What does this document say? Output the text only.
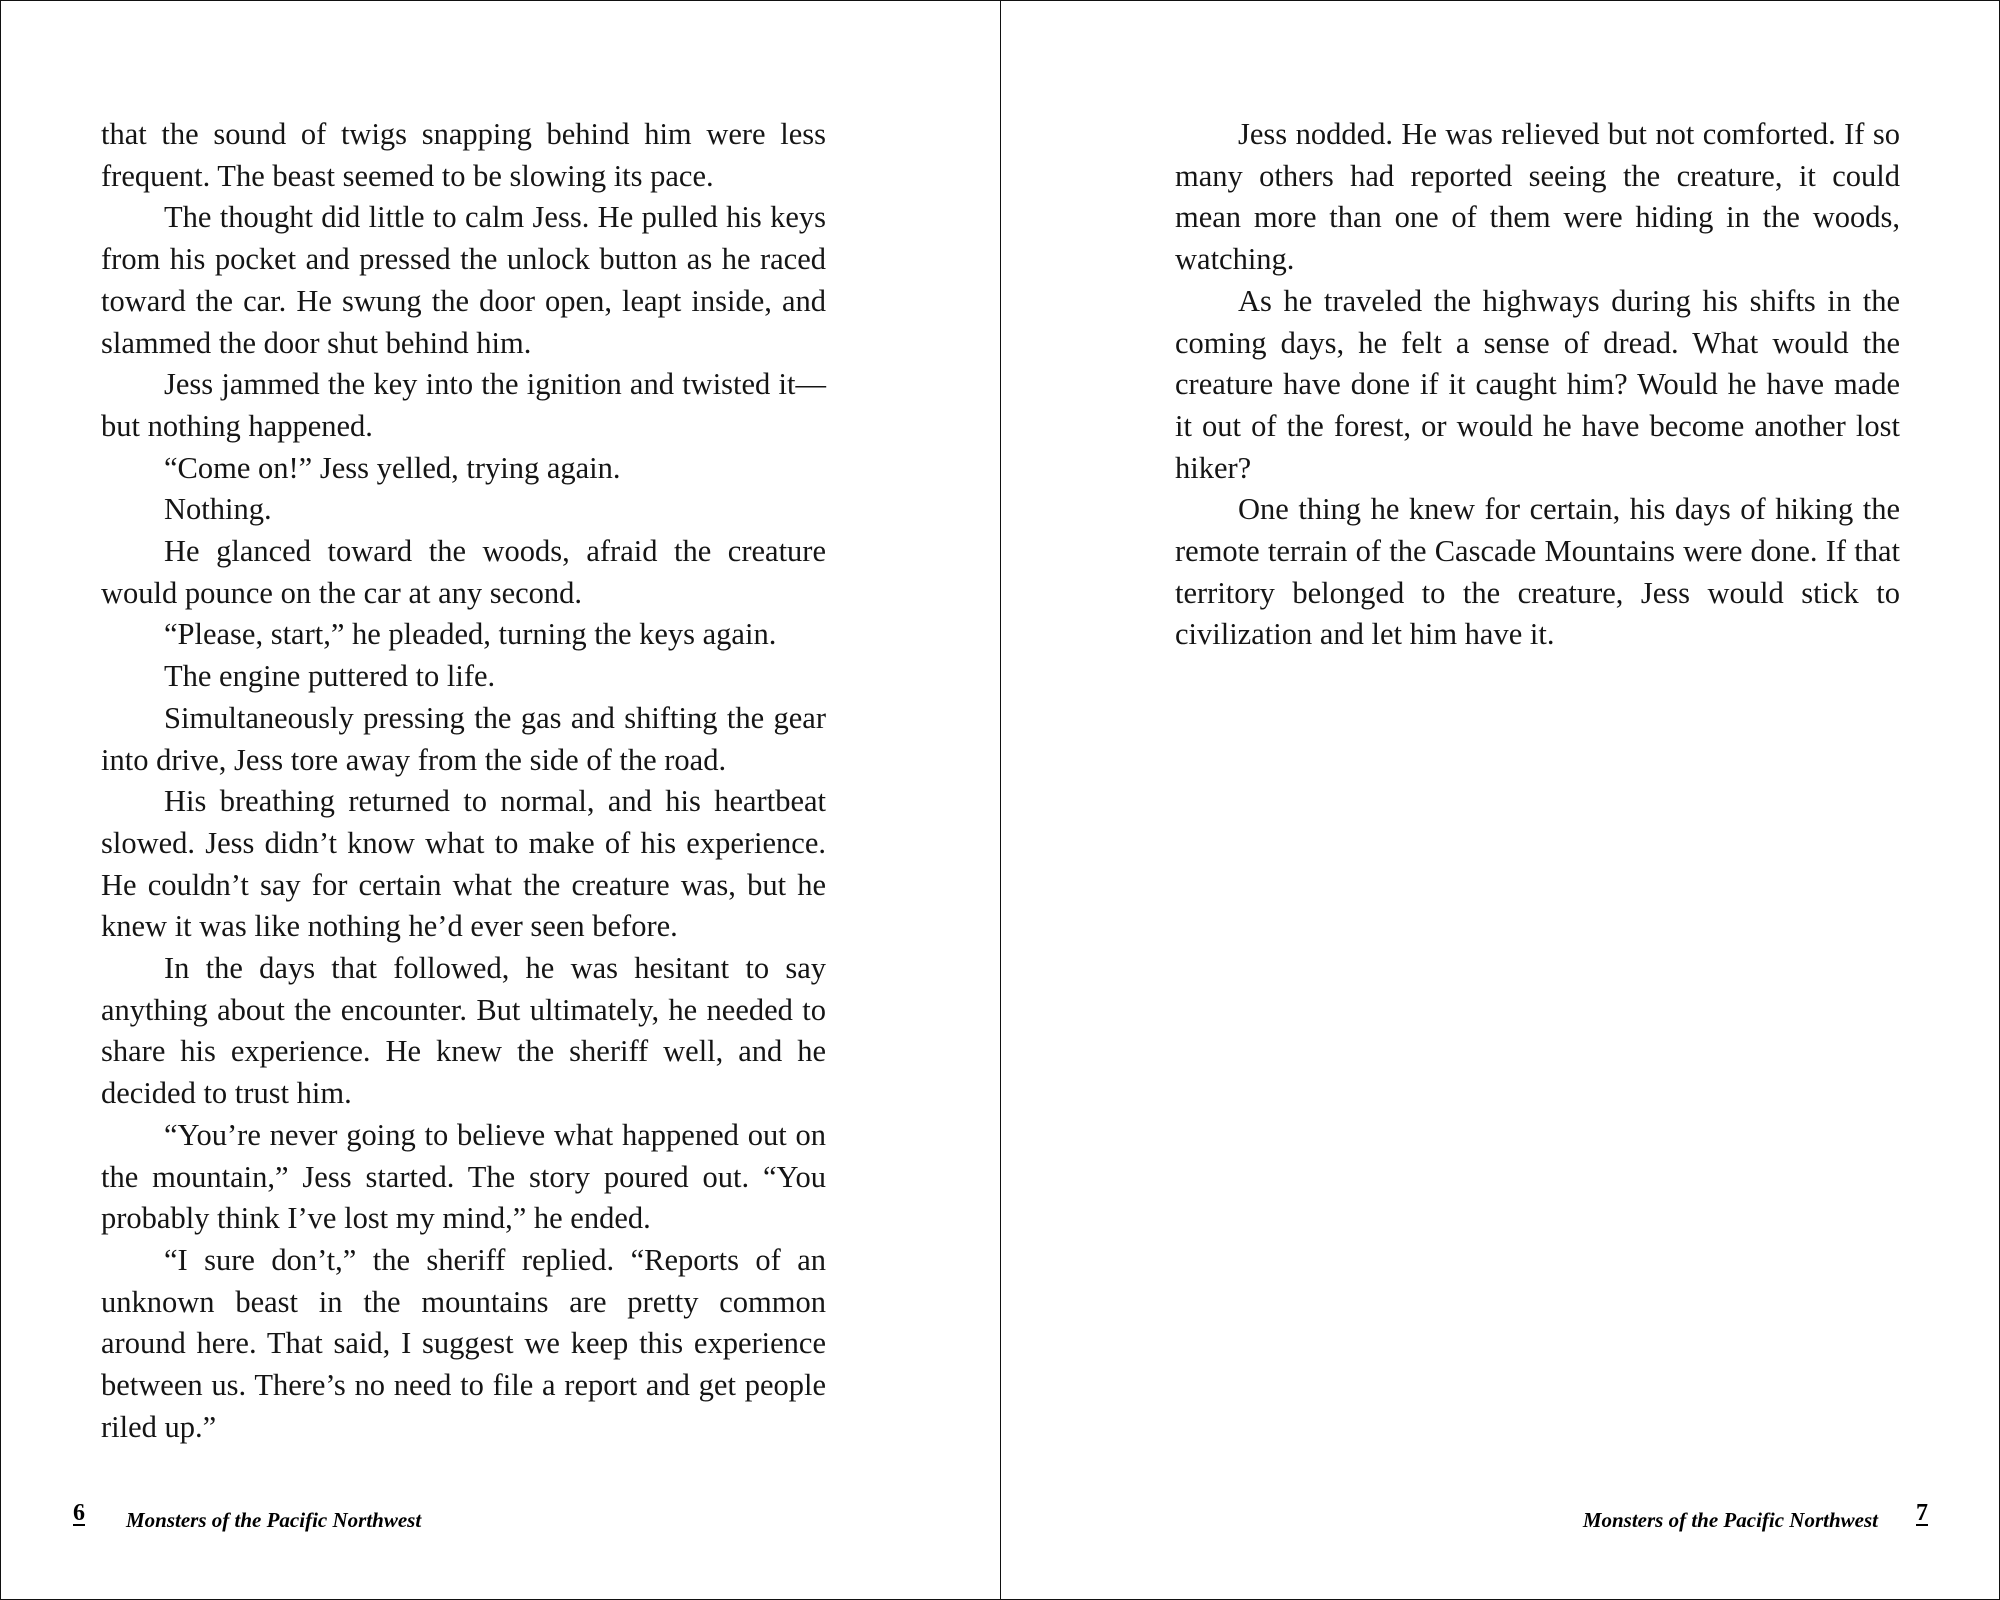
that the sound of twigs snapping behind him were less frequent. The beast seemed to be slowing its pace.

The thought did little to calm Jess. He pulled his keys from his pocket and pressed the unlock button as he raced toward the car. He swung the door open, leapt inside, and slammed the door shut behind him.

Jess jammed the key into the ignition and twisted it—but nothing happened.

“Come on!” Jess yelled, trying again.

Nothing.

He glanced toward the woods, afraid the creature would pounce on the car at any second.

“Please, start,” he pleaded, turning the keys again.

The engine puttered to life.

Simultaneously pressing the gas and shifting the gear into drive, Jess tore away from the side of the road.

His breathing returned to normal, and his heartbeat slowed. Jess didn’t know what to make of his experience. He couldn’t say for certain what the creature was, but he knew it was like nothing he’d ever seen before.

In the days that followed, he was hesitant to say anything about the encounter. But ultimately, he needed to share his experience. He knew the sheriff well, and he decided to trust him.

“You’re never going to believe what happened out on the mountain,” Jess started. The story poured out. “You probably think I’ve lost my mind,” he ended.

“I sure don’t,” the sheriff replied. “Reports of an unknown beast in the mountains are pretty common around here. That said, I suggest we keep this experience between us. There’s no need to file a report and get people riled up.”

6 Monsters of the Pacific Northwest

Jess nodded. He was relieved but not comforted. If so many others had reported seeing the creature, it could mean more than one of them were hiding in the woods, watching.

As he traveled the highways during his shifts in the coming days, he felt a sense of dread. What would the creature have done if it caught him? Would he have made it out of the forest, or would he have become another lost hiker?

One thing he knew for certain, his days of hiking the remote terrain of the Cascade Mountains were done. If that territory belonged to the creature, Jess would stick to civilization and let him have it.

Monsters of the Pacific Northwest 7
